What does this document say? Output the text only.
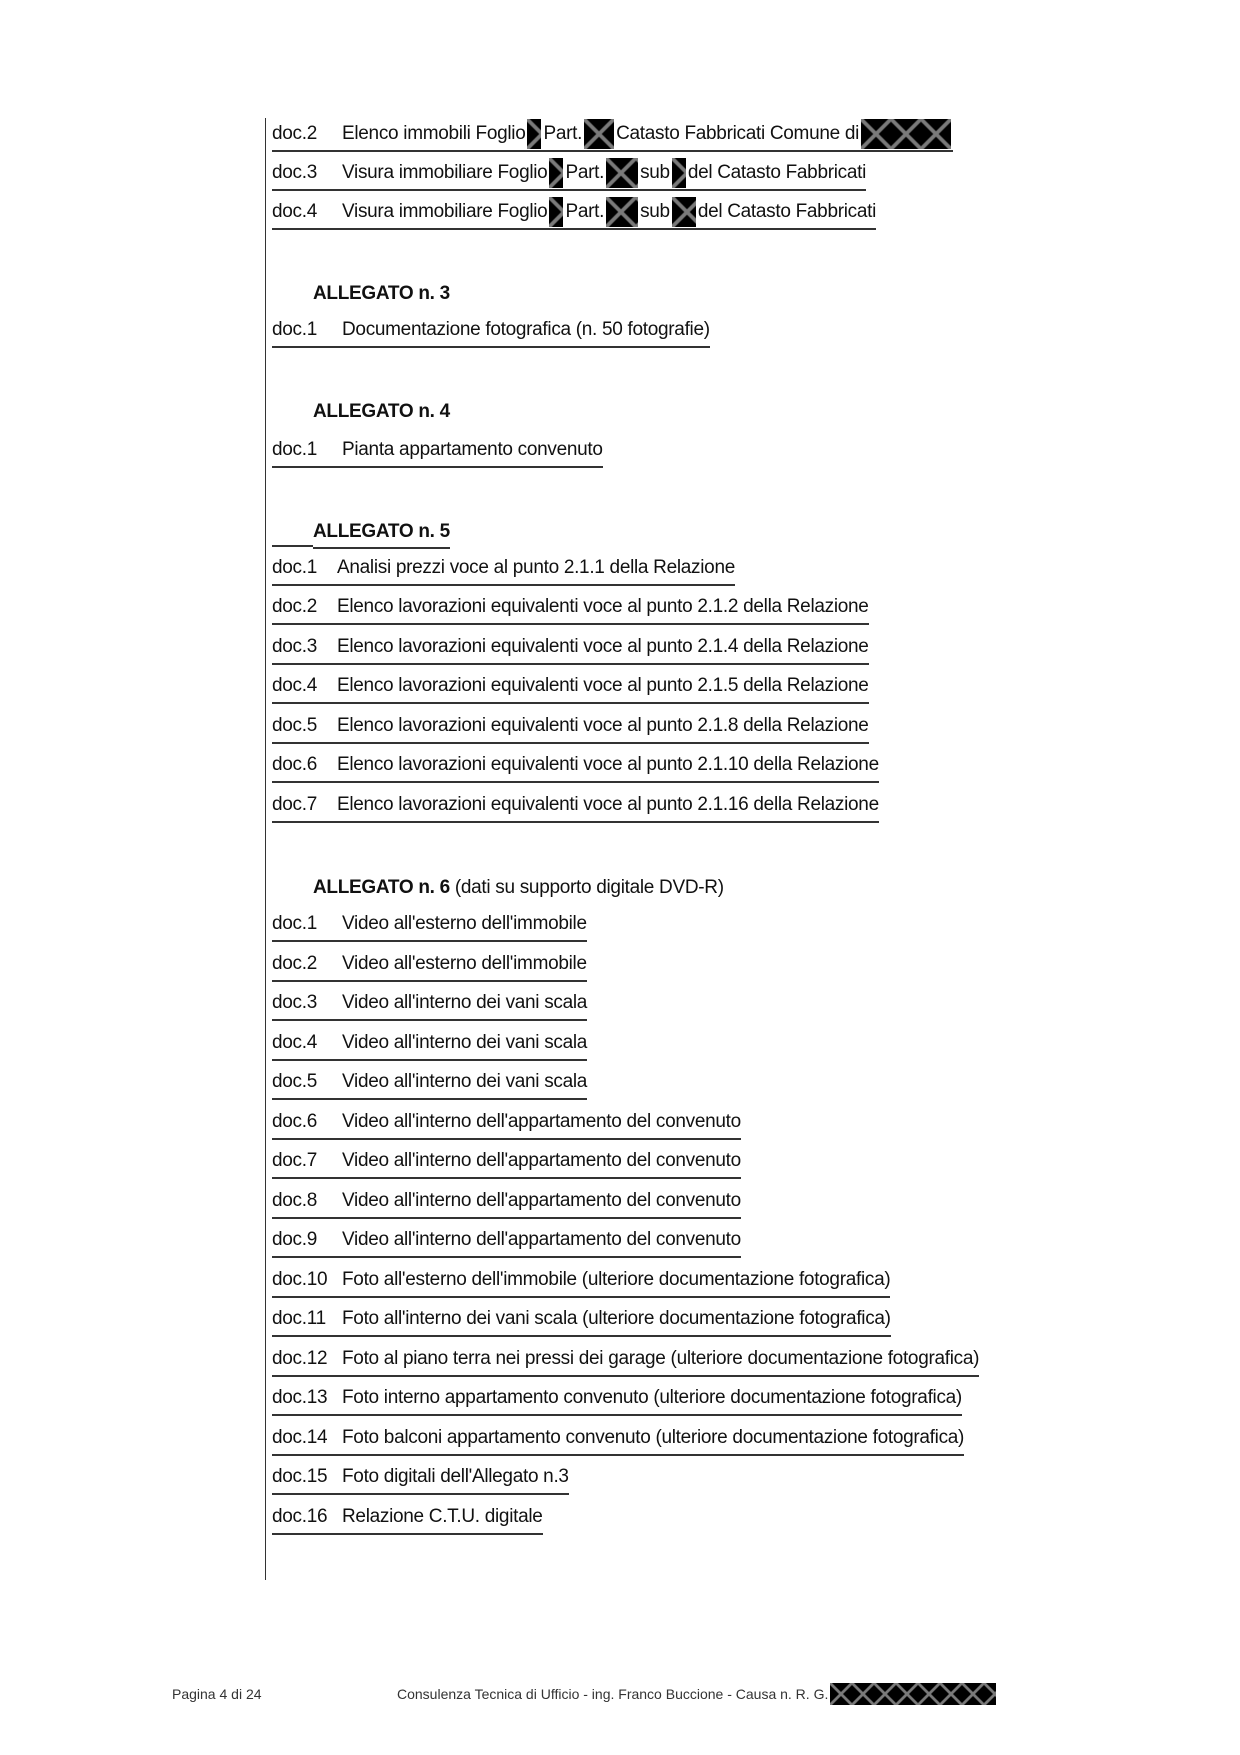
doc.2	Elenco immobili Foglio Part. Catasto Fabbricati Comune di
doc.3	Visura immobiliare Foglio Part. sub del Catasto Fabbricati
doc.4	Visura immobiliare Foglio Part. sub del Catasto Fabbricati
ALLEGATO n. 3
doc.1	Documentazione fotografica (n. 50 fotografie)
ALLEGATO n. 4
doc.1	Pianta appartamento convenuto
ALLEGATO n. 5
doc.1	Analisi prezzi voce al punto 2.1.1 della Relazione
doc.2	Elenco lavorazioni equivalenti voce al punto 2.1.2 della Relazione
doc.3	Elenco lavorazioni equivalenti voce al punto 2.1.4 della Relazione
doc.4	Elenco lavorazioni equivalenti voce al punto 2.1.5 della Relazione
doc.5	Elenco lavorazioni equivalenti voce al punto 2.1.8 della Relazione
doc.6	Elenco lavorazioni equivalenti voce al punto 2.1.10 della Relazione
doc.7	Elenco lavorazioni equivalenti voce al punto 2.1.16 della Relazione
ALLEGATO n. 6 (dati su supporto digitale DVD-R)
doc.1	Video all'esterno dell'immobile
doc.2	Video all'esterno dell'immobile
doc.3	Video all'interno dei vani scala
doc.4	Video all'interno dei vani scala
doc.5	Video all'interno dei vani scala
doc.6	Video all'interno dell'appartamento del convenuto
doc.7	Video all'interno dell'appartamento del convenuto
doc.8	Video all'interno dell'appartamento del convenuto
doc.9	Video all'interno dell'appartamento del convenuto
doc.10 Foto all'esterno dell'immobile (ulteriore documentazione fotografica)
doc.11 Foto all'interno dei vani scala (ulteriore documentazione fotografica)
doc.12 Foto al piano terra nei pressi dei garage (ulteriore documentazione fotografica)
doc.13 Foto interno appartamento convenuto (ulteriore documentazione fotografica)
doc.14 Foto balconi appartamento convenuto (ulteriore documentazione fotografica)
doc.15 Foto digitali dell'Allegato n.3
doc.16 Relazione C.T.U. digitale
Pagina 4 di 24	Consulenza Tecnica di Ufficio - ing. Franco Buccione - Causa n. R. G.
